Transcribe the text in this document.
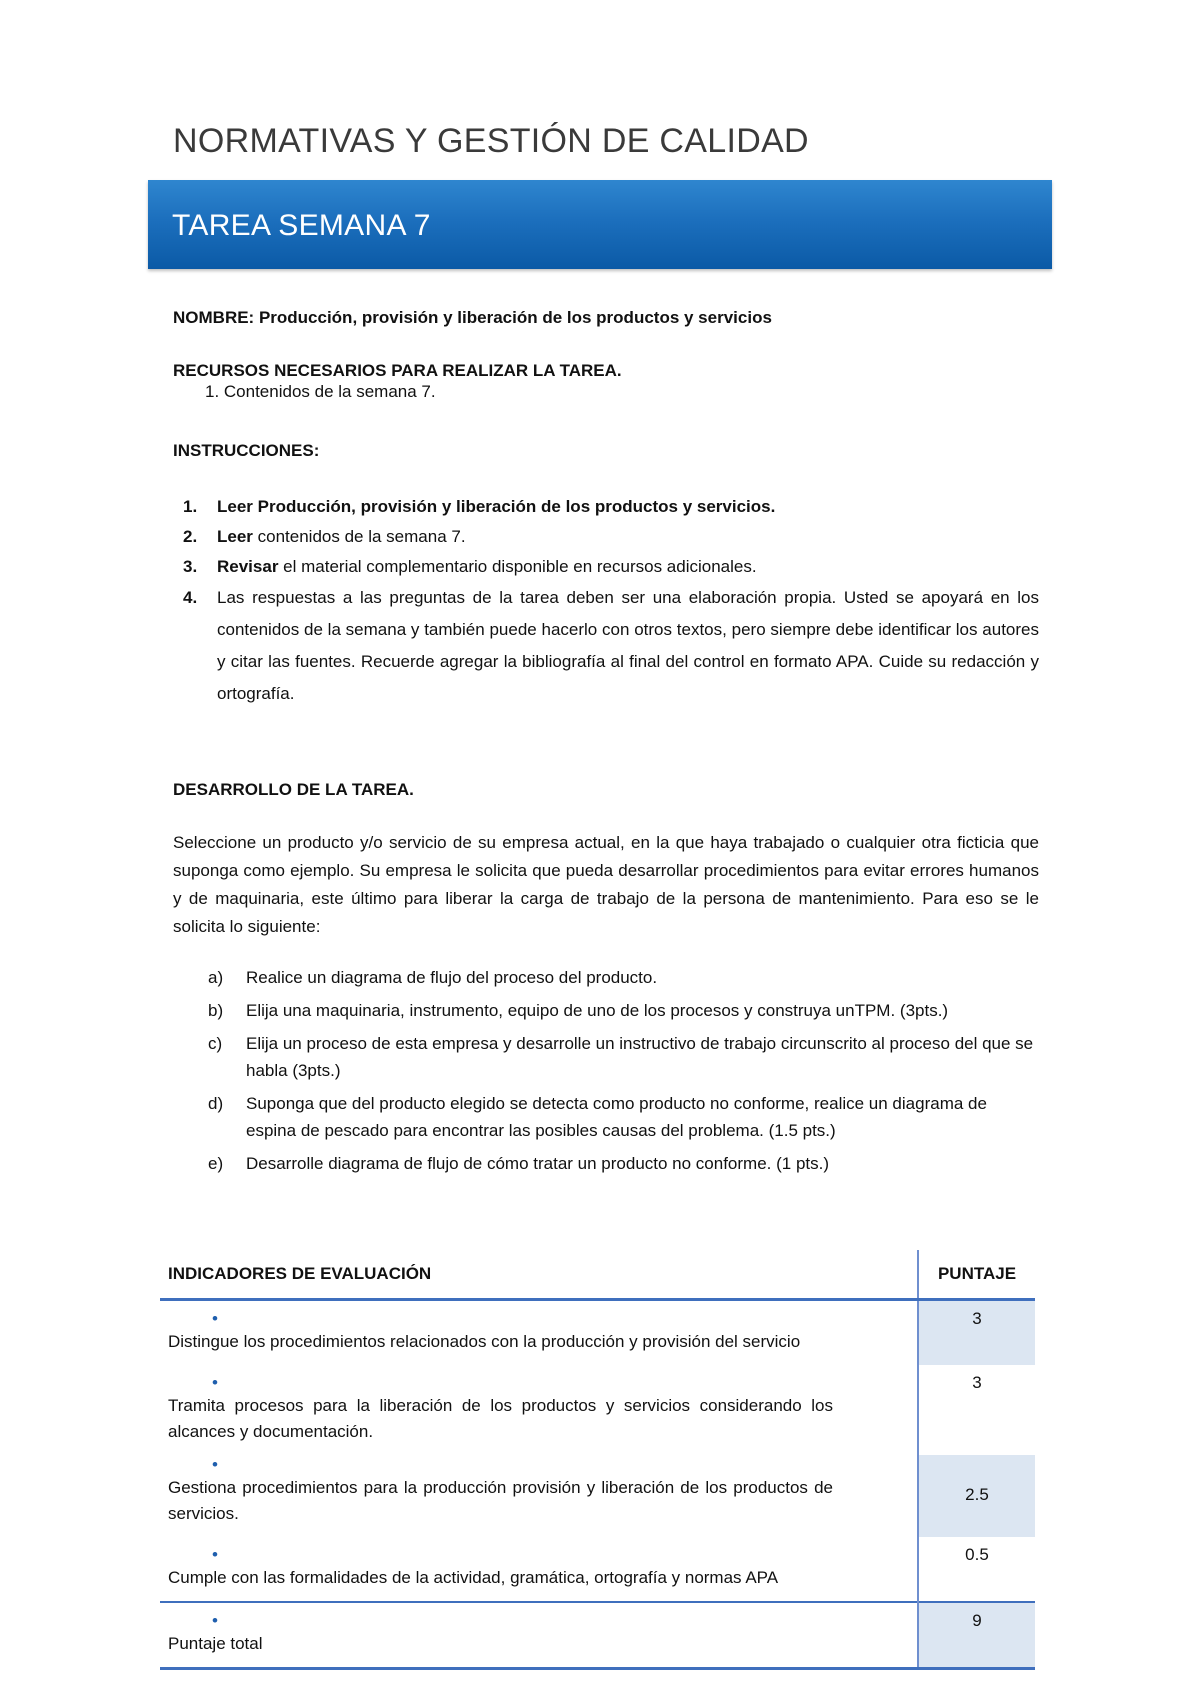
NORMATIVAS Y GESTIÓN DE CALIDAD
TAREA SEMANA 7

NOMBRE: Producción, provisión y liberación de los productos y servicios

RECURSOS NECESARIOS PARA REALIZAR LA TAREA.

1. Contenidos de la semana 7.

INSTRUCCIONES:

1. Leer Producción, provisión y liberación de los productos y servicios.
2. Leer contenidos de la semana 7.
3. Revisar el material complementario disponible en recursos adicionales.
4. Las respuestas a las preguntas de la tarea deben ser una elaboración propia. Usted se apoyará en los contenidos de la semana y también puede hacerlo con otros textos, pero siempre debe identificar los autores y citar las fuentes. Recuerde agregar la bibliografía al final del control en formato APA. Cuide su redacción y ortografía.

DESARROLLO DE LA TAREA.

Seleccione un producto y/o servicio de su empresa actual, en la que haya trabajado o cualquier otra ficticia que suponga como ejemplo. Su empresa le solicita que pueda desarrollar procedimientos para evitar errores humanos y de maquinaria, este último para liberar la carga de trabajo de la persona de mantenimiento. Para eso se le solicita lo siguiente:

a) Realice un diagrama de flujo del proceso del producto.
b) Elija una maquinaria, instrumento, equipo de uno de los procesos y construya unTPM. (3pts.)
c) Elija un proceso de esta empresa y desarrolle un instructivo de trabajo circunscrito al proceso del que se habla (3pts.)
d) Suponga que del producto elegido se detecta como producto no conforme, realice un diagrama de espina de pescado para encontrar las posibles causas del problema. (1.5 pts.)
e) Desarrolle diagrama de flujo de cómo tratar un producto no conforme. (1 pts.)
INDICADORES DE EVALUACIÓN	PUNTAJE
•Distingue los procedimientos relacionados con la producción y provisión del servicio	3
•Tramita procesos para la liberación de los productos y servicios considerando los alcances y documentación.	3
•Gestiona procedimientos para la producción provisión y liberación de los productos de servicios.	2.5
•Cumple con las formalidades de la actividad, gramática, ortografía y normas APA	0.5
•Puntaje total	9
